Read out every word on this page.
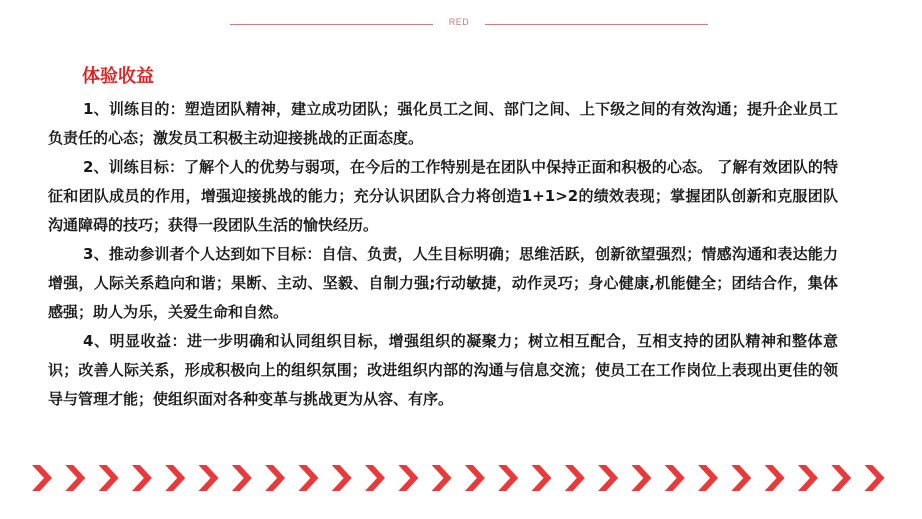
RED
体验收益

1、训练目的：塑造团队精神，建立成功团队；强化员工之间、部门之间、上下级之间的有效沟通；提升企业员工负责任的心态；激发员工积极主动迎接挑战的正面态度。

2、训练目标：了解个人的优势与弱项，在今后的工作特别是在团队中保持正面和积极的心态。 了解有效团队的特征和团队成员的作用，增强迎接挑战的能力；充分认识团队合力将创造1+1>2的绩效表现；掌握团队创新和克服团队沟通障碍的技巧；获得一段团队生活的愉快经历。

3、推动参训者个人达到如下目标：自信、负责，人生目标明确；思维活跃，创新欲望强烈；情感沟通和表达能力增强，人际关系趋向和谐；果断、主动、坚毅、自制力强;行动敏捷，动作灵巧；身心健康,机能健全；团结合作，集体感强；助人为乐，关爱生命和自然。

4、明显收益：进一步明确和认同组织目标，增强组织的凝聚力；树立相互配合，互相支持的团队精神和整体意识；改善人际关系，形成积极向上的组织氛围；改进组织内部的沟通与信息交流；使员工在工作岗位上表现出更佳的领导与管理才能；使组织面对各种变革与挑战更为从容、有序。
